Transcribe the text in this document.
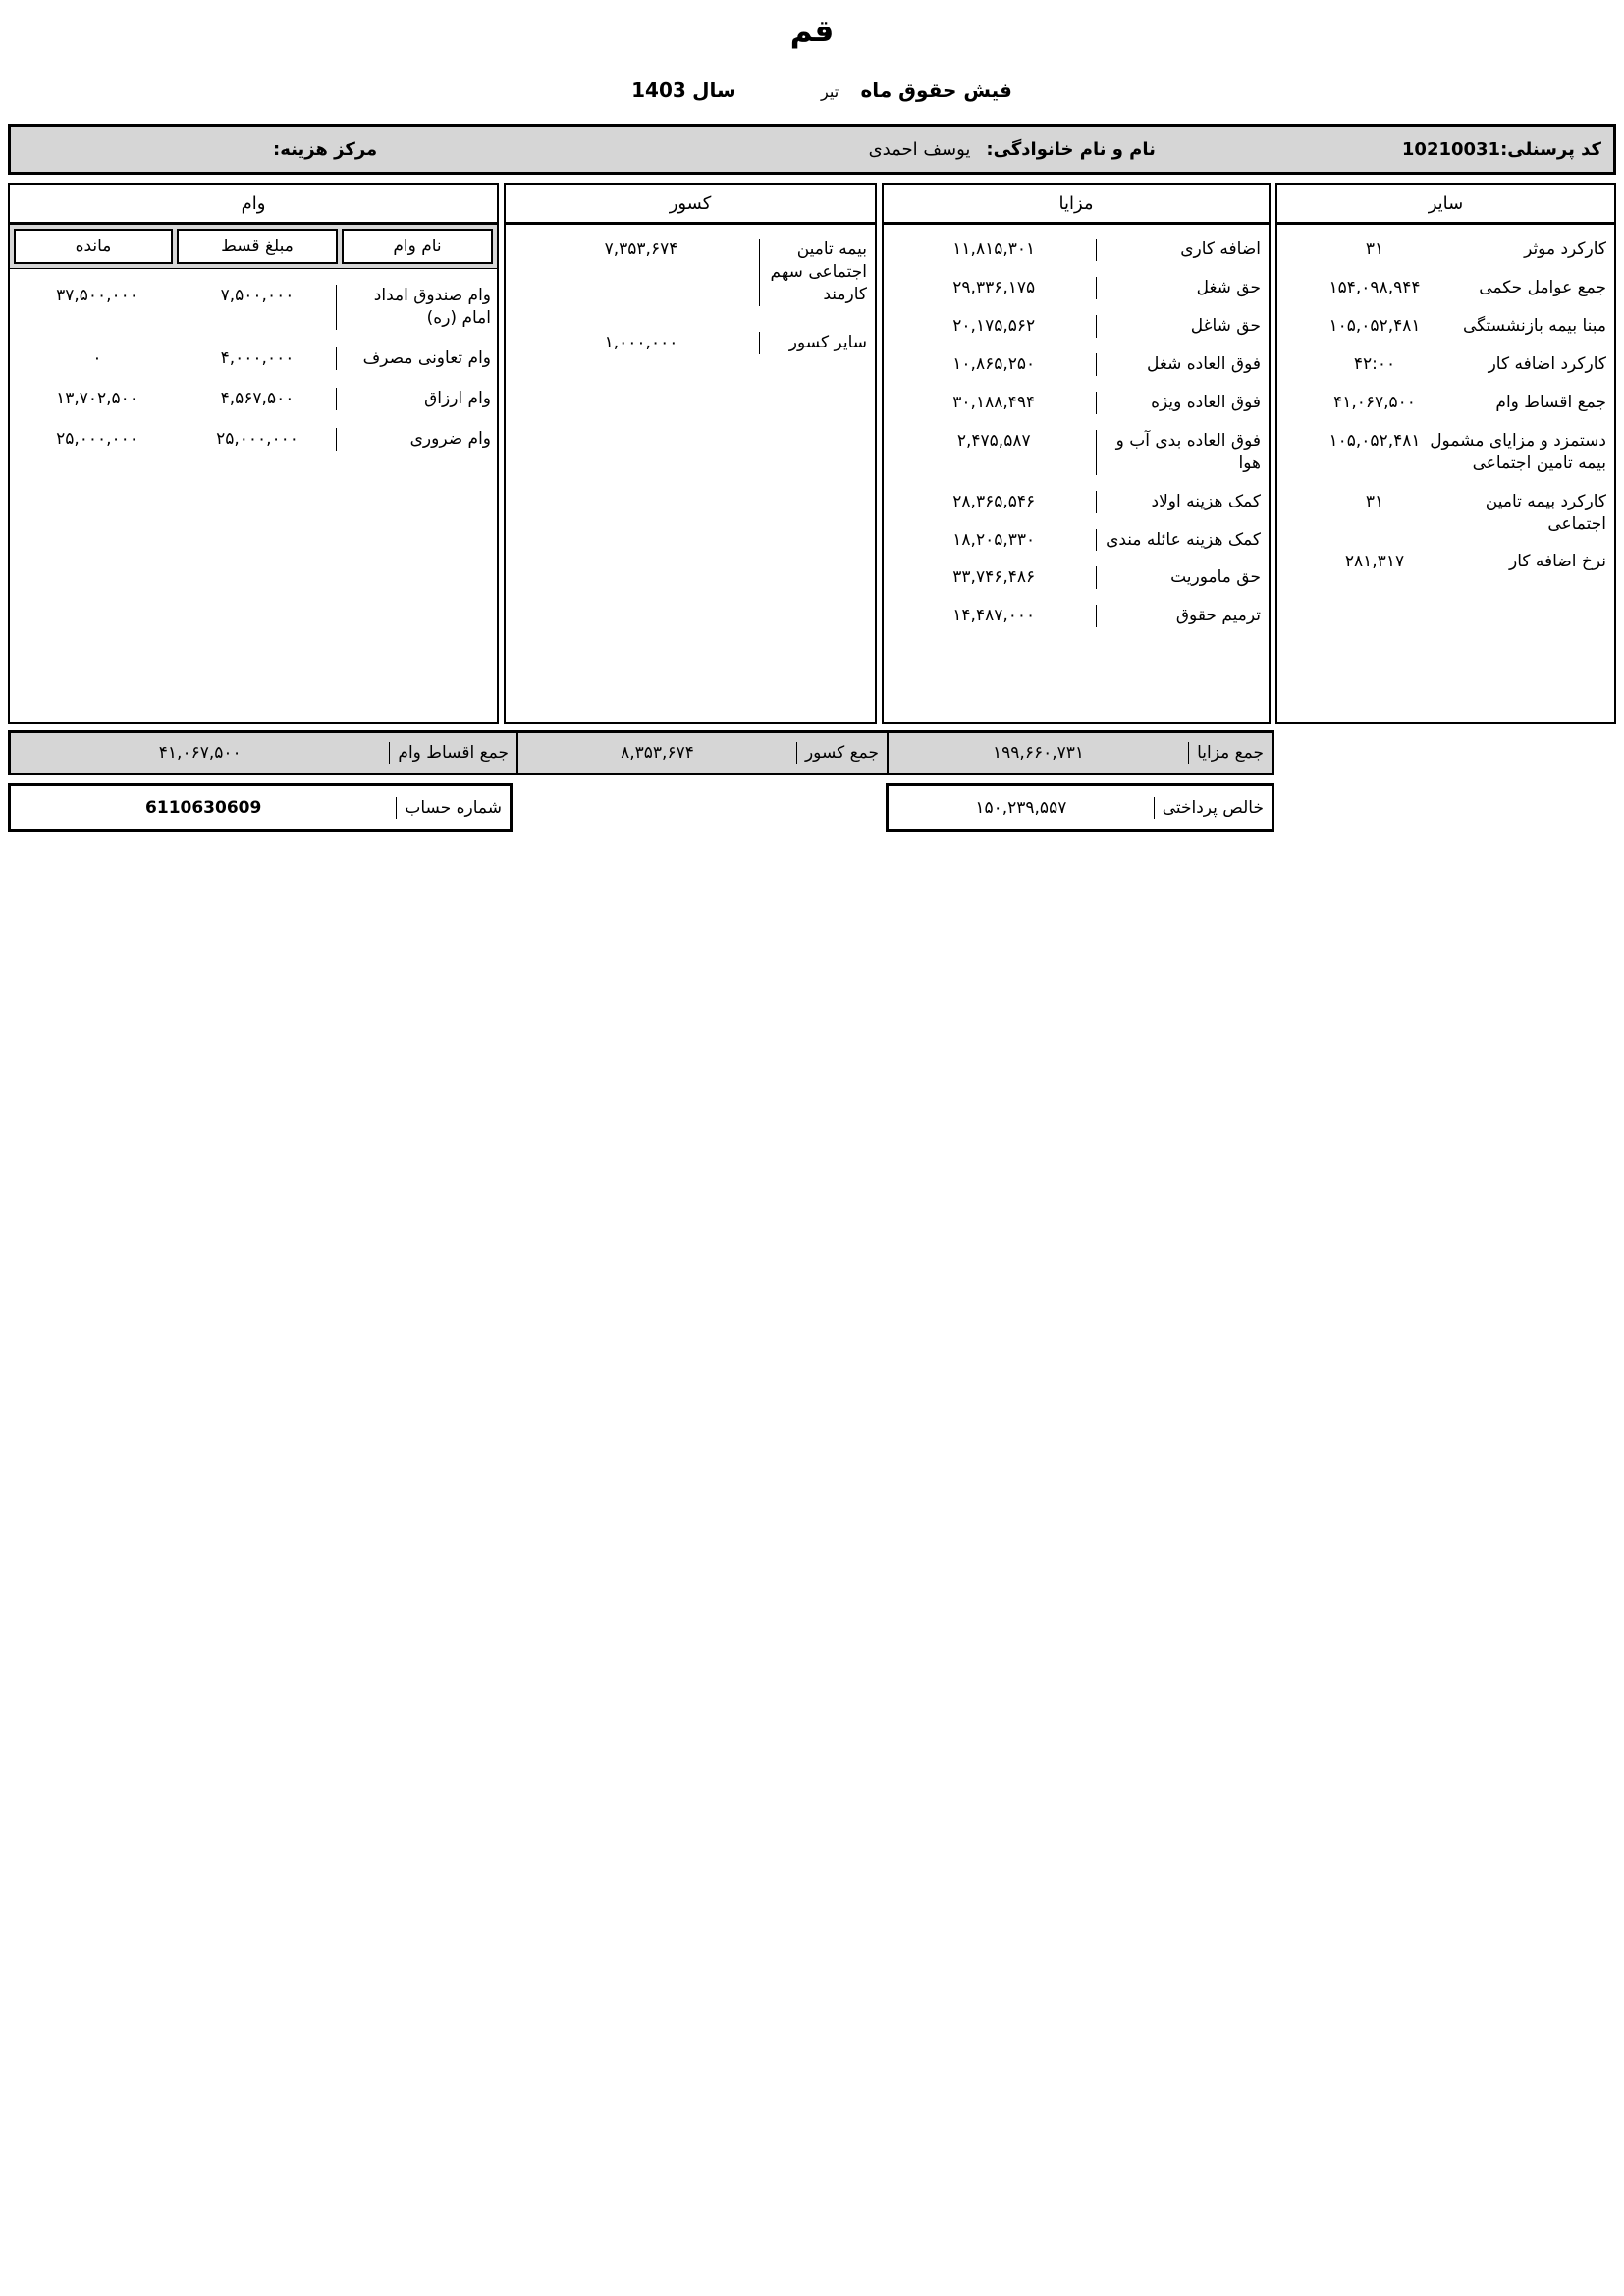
قم
فیش حقوق ماه تیر سال 1403
کد پرسنلی:
10210031
نام و نام خانوادگی:
یوسف احمدی
مرکز هزینه:
سایر
کارکرد موثر
۳۱
جمع عوامل حکمی
۱۵۴,۰۹۸,۹۴۴
مبنا بیمه بازنشستگی
۱۰۵,۰۵۲,۴۸۱
کارکرد اضافه کار
۴۲:۰۰
جمع اقساط وام
۴۱,۰۶۷,۵۰۰
دستمزد و مزایای مشمول بیمه تامین اجتماعی
۱۰۵,۰۵۲,۴۸۱
کارکرد بیمه تامین اجتماعی
۳۱
نرخ اضافه کار
۲۸۱,۳۱۷
مزایا
اضافه کاری
۱۱,۸۱۵,۳۰۱
حق شغل
۲۹,۳۳۶,۱۷۵
حق شاغل
۲۰,۱۷۵,۵۶۲
فوق العاده شغل
۱۰,۸۶۵,۲۵۰
فوق العاده ویژه
۳۰,۱۸۸,۴۹۴
فوق العاده بدی آب و هوا
۲,۴۷۵,۵۸۷
کمک هزینه اولاد
۲۸,۳۶۵,۵۴۶
کمک هزینه عائله مندی
۱۸,۲۰۵,۳۳۰
حق ماموریت
۳۳,۷۴۶,۴۸۶
ترمیم حقوق
۱۴,۴۸۷,۰۰۰
کسور
بیمه تامین اجتماعی سهم کارمند
۷,۳۵۳,۶۷۴
سایر کسور
۱,۰۰۰,۰۰۰
وام
نام وام
مبلغ قسط
مانده
وام صندوق امداد امام (ره)
۷,۵۰۰,۰۰۰
۳۷,۵۰۰,۰۰۰
وام تعاونی مصرف
۴,۰۰۰,۰۰۰
۰
وام ارزاق
۴,۵۶۷,۵۰۰
۱۳,۷۰۲,۵۰۰
وام ضروری
۲۵,۰۰۰,۰۰۰
۲۵,۰۰۰,۰۰۰
جمع مزایا
۱۹۹,۶۶۰,۷۳۱
جمع کسور
۸,۳۵۳,۶۷۴
جمع اقساط وام
۴۱,۰۶۷,۵۰۰
خالص پرداختی
۱۵۰,۲۳۹,۵۵۷
شماره حساب
6110630609
